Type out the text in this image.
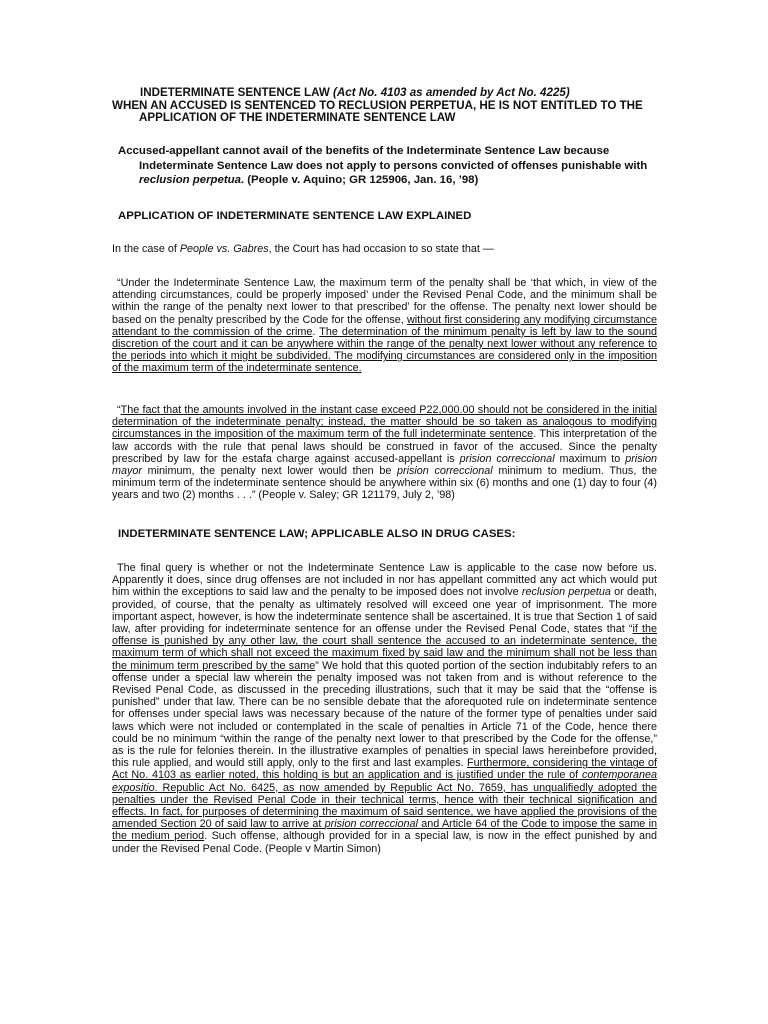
INDETERMINATE SENTENCE LAW (Act No. 4103 as amended by Act No. 4225)
WHEN AN ACCUSED IS SENTENCED TO RECLUSION PERPETUA, HE IS NOT ENTITLED TO THE
APPLICATION OF THE INDETERMINATE SENTENCE LAW
Accused-appellant cannot avail of the benefits of the Indeterminate Sentence Law because
Indeterminate Sentence Law does not apply to persons convicted of offenses punishable with
reclusion perpetua. (People v. Aquino; GR 125906, Jan. 16, ’98)
APPLICATION OF INDETERMINATE SENTENCE LAW EXPLAINED

In the case of People vs. Gabres, the Court has had occasion to so state that —

“Under the Indeterminate Sentence Law, the maximum term of the penalty shall be ‘that which, in view of the attending circumstances, could be properly imposed’ under the Revised Penal Code, and the minimum shall be within the range of the penalty next lower to that prescribed’ for the offense. The penalty next lower should be based on the penalty prescribed by the Code for the offense, without first considering any modifying circumstance attendant to the commission of the crime. The determination of the minimum penalty is left by law to the sound discretion of the court and it can be anywhere within the range of the penalty next lower without any reference to the periods into which it might be subdivided. The modifying circumstances are considered only in the imposition of the maximum term of the indeterminate sentence.

“The fact that the amounts involved in the instant case exceed P22,000.00 should not be considered in the initial determination of the indeterminate penalty; instead, the matter should be so taken as analogous to modifying circumstances in the imposition of the maximum term of the full indeterminate sentence. This interpretation of the law accords with the rule that penal laws should be construed in favor of the accused. Since the penalty prescribed by law for the estafa charge against accused-appellant is prision correccional maximum to prision mayor minimum, the penalty next lower would then be prision correccional minimum to medium. Thus, the minimum term of the indeterminate sentence should be anywhere within six (6) months and one (1) day to four (4) years and two (2) months . . .” (People v. Saley; GR 121179, July 2, ’98)

INDETERMINATE SENTENCE LAW; APPLICABLE ALSO IN DRUG CASES:

The final query is whether or not the Indeterminate Sentence Law is applicable to the case now before us. Apparently it does, since drug offenses are not included in nor has appellant committed any act which would put him within the exceptions to said law and the penalty to be imposed does not involve reclusion perpetua or death, provided, of course, that the penalty as ultimately resolved will exceed one year of imprisonment. The more important aspect, however, is how the indeterminate sentence shall be ascertained. It is true that Section 1 of said law, after providing for indeterminate sentence for an offense under the Revised Penal Code, states that “if the offense is punished by any other law, the court shall sentence the accused to an indeterminate sentence, the maximum term of which shall not exceed the maximum fixed by said law and the minimum shall not be less than the minimum term prescribed by the same” We hold that this quoted portion of the section indubitably refers to an offense under a special law wherein the penalty imposed was not taken from and is without reference to the Revised Penal Code, as discussed in the preceding illustrations, such that it may be said that the “offense is punished” under that law. There can be no sensible debate that the aforequoted rule on indeterminate sentence for offenses under special laws was necessary because of the nature of the former type of penalties under said laws which were not included or contemplated in the scale of penalties in Article 71 of the Code, hence there could be no minimum “within the range of the penalty next lower to that prescribed by the Code for the offense,” as is the rule for felonies therein. In the illustrative examples of penalties in special laws hereinbefore provided, this rule applied, and would still apply, only to the first and last examples. Furthermore, considering the vintage of Act No. 4103 as earlier noted, this holding is but an application and is justified under the rule of contemporanea expositio. Republic Act No. 6425, as now amended by Republic Act No. 7659, has unqualifiedly adopted the penalties under the Revised Penal Code in their technical terms, hence with their technical signification and effects. In fact, for purposes of determining the maximum of said sentence, we have applied the provisions of the amended Section 20 of said law to arrive at prision correccional and Article 64 of the Code to impose the same in the medium period. Such offense, although provided for in a special law, is now in the effect punished by and under the Revised Penal Code. (People v Martin Simon)
